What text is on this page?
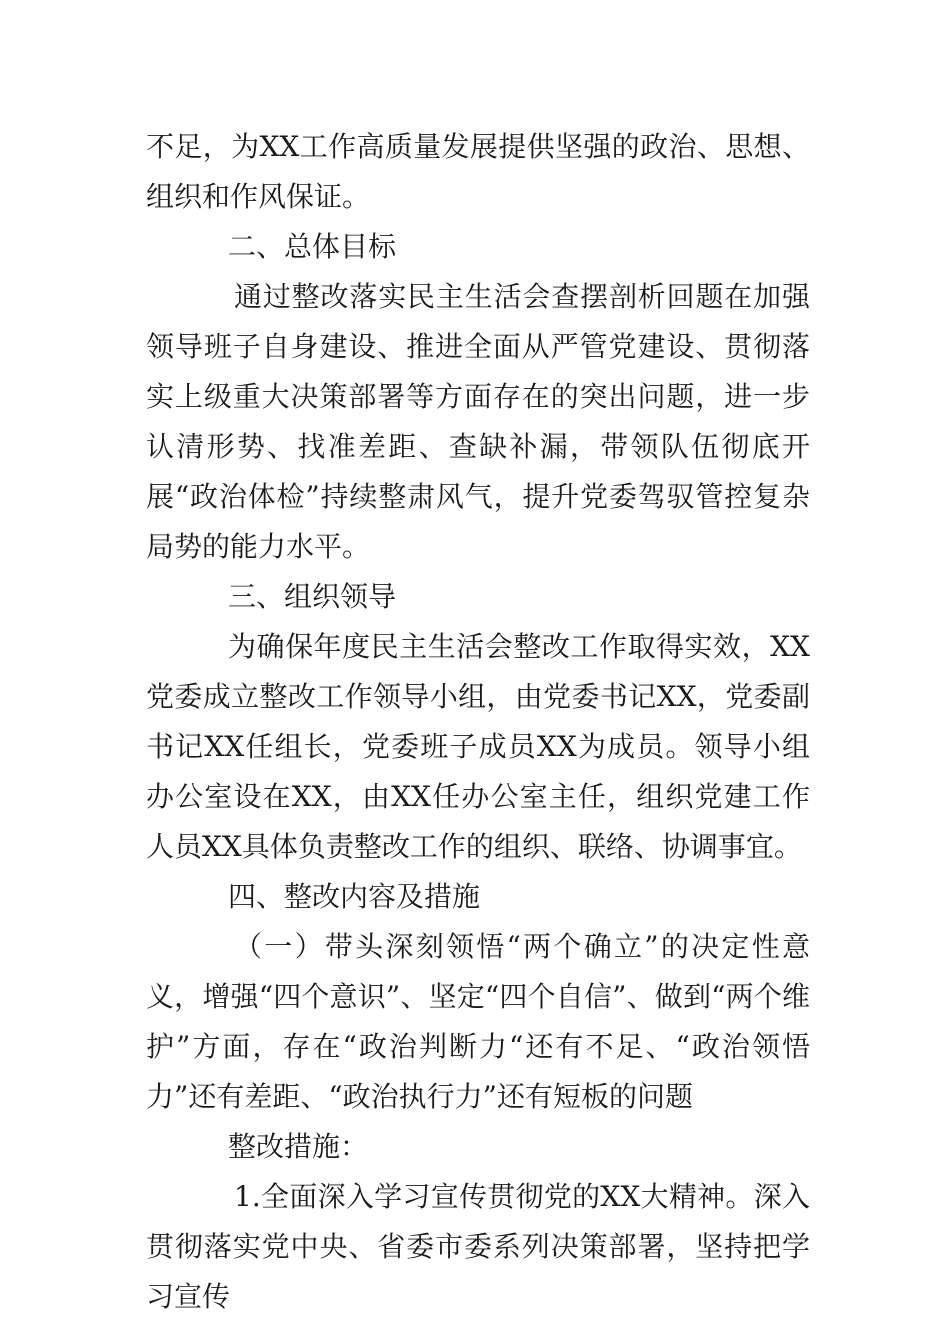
不足，为XX工作高质量发展提供坚强的政治、思想、组织和作风保证。

二、总体目标

通过整改落实民主生活会查摆剖析回题在加强领导班子自身建设、推进全面从严管党建设、贯彻落实上级重大决策部署等方面存在的突出问题，进一步认清形势、找准差距、查缺补漏，带领队伍彻底开展“政治体检”持续整肃风气，提升党委驾驭管控复杂局势的能力水平。

三、组织领导

为确保年度民主生活会整改工作取得实效，XX党委成立整改工作领导小组，由党委书记XX，党委副书记XX任组长，党委班子成员XX为成员。领导小组办公室设在XX，由XX任办公室主任，组织党建工作人员XX具体负责整改工作的组织、联络、协调事宜。

四、整改内容及措施

（一）带头深刻领悟“两个确立”的决定性意义，增强“四个意识”、坚定“四个自信”、做到“两个维护”方面，存在“政治判断力“还有不足、“政治领悟力”还有差距、“政治执行力”还有短板的问题

整改措施：

1.全面深入学习宣传贯彻党的XX大精神。深入贯彻落实党中央、省委市委系列决策部署，坚持把学习宣传
